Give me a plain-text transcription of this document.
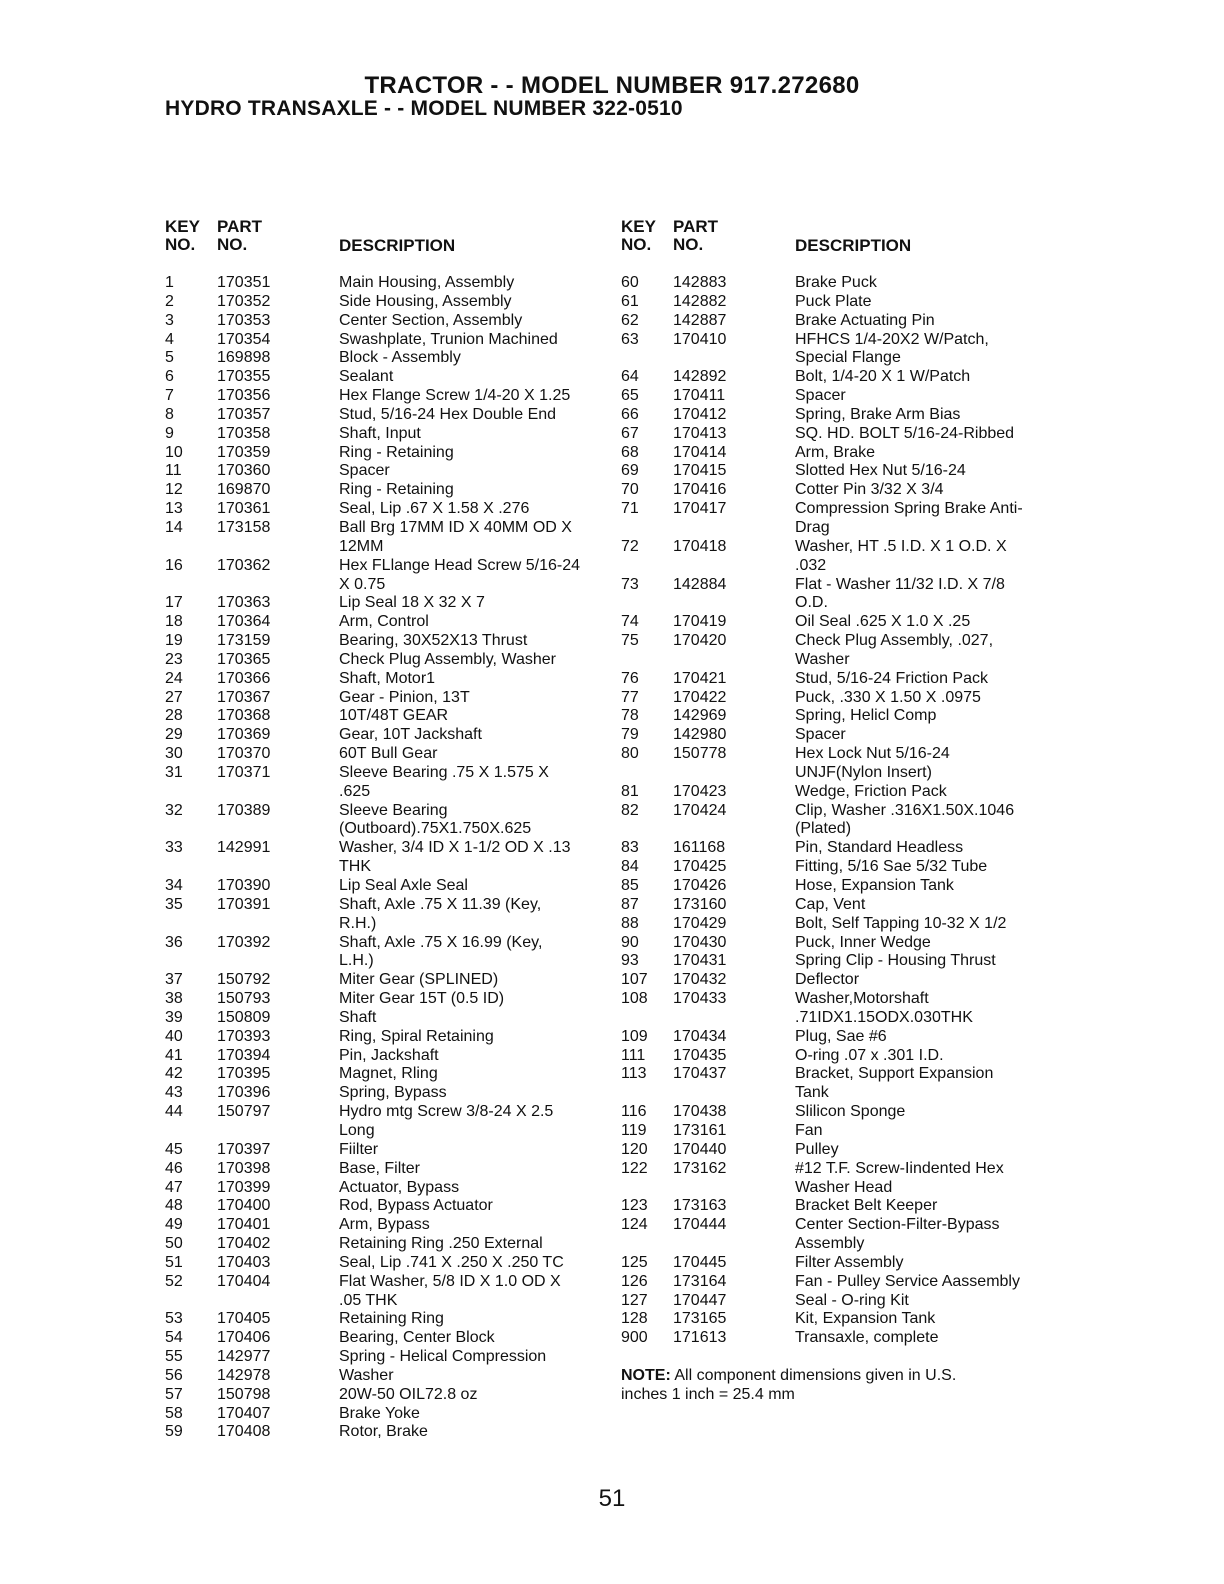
TRACTOR - - MODEL NUMBER 917.272680
HYDRO TRANSAXLE - - MODEL NUMBER 322-0510
KEY
NO.
PART
NO.	DESCRIPTION
1	170351	Main Housing, Assembly
2	170352	Side Housing, Assembly
3	170353	Center Section, Assembly
4	170354	Swashplate, Trunion Machined
5	169898	Block - Assembly
6	170355	Sealant
7	170356	Hex Flange Screw 1/4-20 X 1.25
8	170357	Stud, 5/16-24 Hex Double End
9	170358	Shaft, Input
10	170359	Ring - Retaining
11	170360	Spacer
12	169870	Ring - Retaining
13	170361	Seal, Lip .67 X 1.58 X .276
14	173158	Ball Brg 17MM ID X 40MM OD X
12MM
16	170362	Hex FLlange Head Screw 5/16-24
X 0.75
17	170363	Lip Seal 18 X 32 X 7
18	170364	Arm, Control
19	173159	Bearing, 30X52X13 Thrust
23	170365	Check Plug Assembly, Washer
24	170366	Shaft, Motor1
27	170367	Gear - Pinion, 13T
28	170368	10T/48T GEAR
29	170369	Gear, 10T Jackshaft
30	170370	60T Bull Gear
31	170371	Sleeve Bearing .75 X 1.575 X
.625
32	170389	Sleeve Bearing
(Outboard).75X1.750X.625
33	142991	Washer, 3/4 ID X 1-1/2 OD X .13
THK
34	170390	Lip Seal Axle Seal
35	170391	Shaft, Axle .75 X 11.39 (Key,
R.H.)
36	170392	Shaft, Axle .75 X 16.99 (Key,
L.H.)
37	150792	Miter Gear (SPLINED)
38	150793	Miter Gear 15T (0.5 ID)
39	150809	Shaft
40	170393	Ring, Spiral Retaining
41	170394	Pin, Jackshaft
42	170395	Magnet, Rling
43	170396	Spring, Bypass
44	150797	Hydro mtg Screw 3/8-24 X 2.5
Long
45	170397	Fiilter
46	170398	Base, Filter
47	170399	Actuator, Bypass
48	170400	Rod, Bypass Actuator
49	170401	Arm, Bypass
50	170402	Retaining Ring .250 External
51	170403	Seal, Lip .741 X .250 X .250 TC
52	170404	Flat Washer, 5/8 ID X 1.0 OD X
.05 THK
53	170405	Retaining Ring
54	170406	Bearing, Center Block
55	142977	Spring - Helical Compression
56	142978	Washer
57	150798	20W-50 OIL72.8 oz
58	170407	Brake Yoke
59	170408	Rotor, Brake
KEY
NO.
PART
NO.	DESCRIPTION
60	142883	Brake Puck
61	142882	Puck Plate
62	142887	Brake Actuating Pin
63	170410	HFHCS 1/4-20X2 W/Patch,
Special Flange
64	142892	Bolt, 1/4-20 X 1 W/Patch
65	170411	Spacer
66	170412	Spring, Brake Arm Bias
67	170413	SQ. HD. BOLT 5/16-24-Ribbed
68	170414	Arm, Brake
69	170415	Slotted Hex Nut 5/16-24
70	170416	Cotter Pin 3/32 X 3/4
71	170417	Compression Spring Brake Anti-
Drag
72	170418	Washer, HT .5 I.D. X 1 O.D. X
.032
73	142884	Flat - Washer 11/32 I.D. X 7/8
O.D.
74	170419	Oil Seal .625 X 1.0 X .25
75	170420	Check Plug Assembly, .027,
Washer
76	170421	Stud, 5/16-24 Friction Pack
77	170422	Puck, .330 X 1.50 X .0975
78	142969	Spring, Helicl Comp
79	142980	Spacer
80	150778	Hex Lock Nut 5/16-24
UNJF(Nylon Insert)
81	170423	Wedge, Friction Pack
82	170424	Clip, Washer .316X1.50X.1046
(Plated)
83	161168	Pin, Standard Headless
84	170425	Fitting, 5/16 Sae 5/32 Tube
85	170426	Hose, Expansion Tank
87	173160	Cap, Vent
88	170429	Bolt, Self Tapping 10-32 X 1/2
90	170430	Puck, Inner Wedge
93	170431	Spring Clip - Housing Thrust
107	170432	Deflector
108	170433	Washer,Motorshaft
.71IDX1.15ODX.030THK
109	170434	Plug, Sae #6
111	170435	O-ring .07 x .301 I.D.
113	170437	Bracket, Support Expansion
Tank
116	170438	Slilicon Sponge
119	173161	Fan
120	170440	Pulley
122	173162	#12 T.F. Screw-Iindented Hex
Washer Head
123	173163	Bracket Belt Keeper
124	170444	Center Section-Filter-Bypass
Assembly
125	170445	Filter Assembly
126	173164	Fan - Pulley Service Aassembly
127	170447	Seal - O-ring Kit
128	173165	Kit, Expansion Tank
900	171613	Transaxle, complete
NOTE: All component dimensions given in U.S. inches 1 inch = 25.4 mm
51
